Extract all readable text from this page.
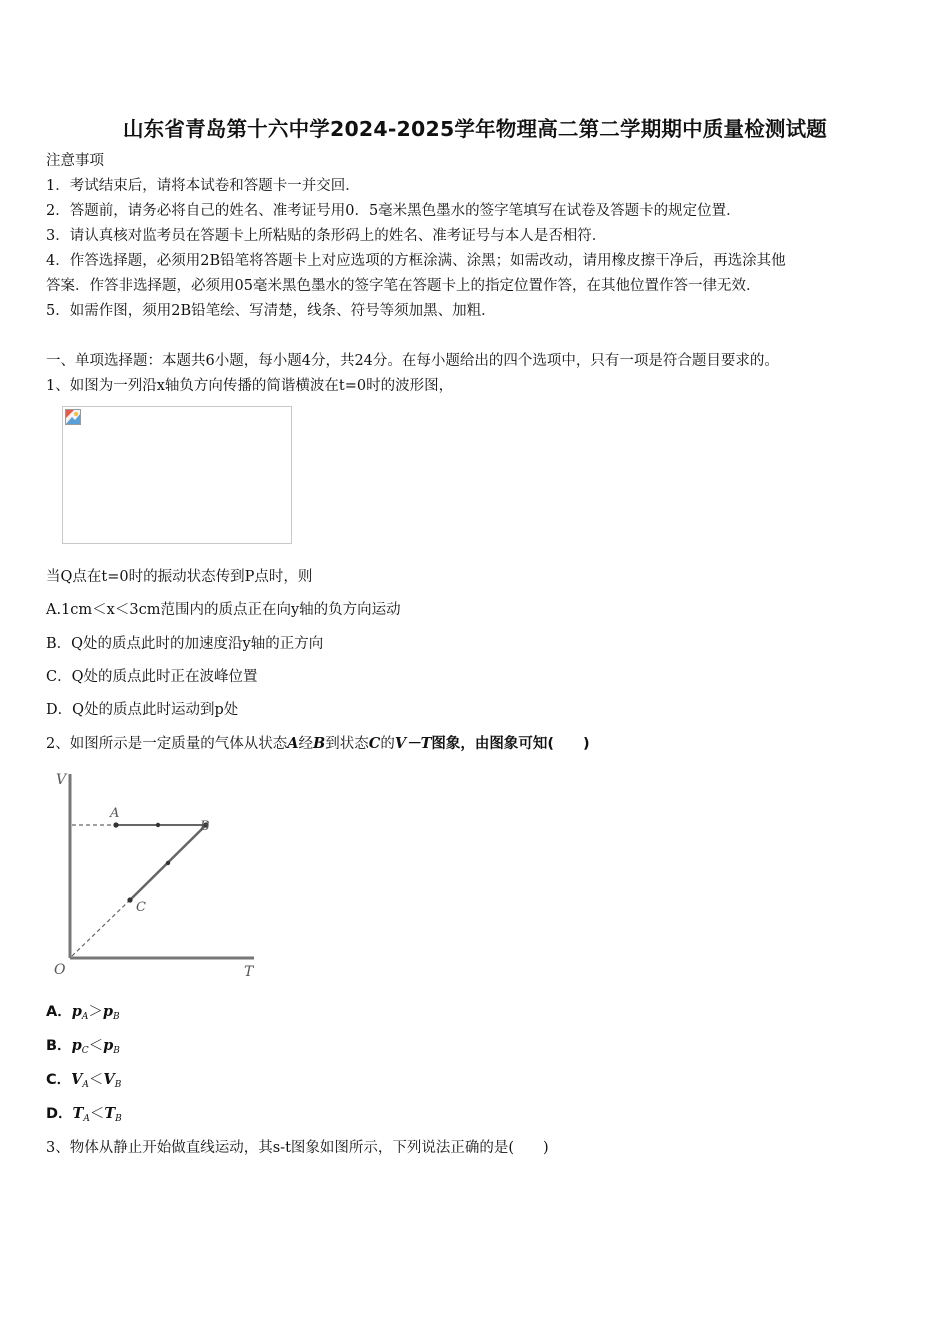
山东省青岛第十六中学2024-2025学年物理高二第二学期期中质量检测试题
注意事项
1．考试结束后，请将本试卷和答题卡一并交回．
2．答题前，请务必将自己的姓名、准考证号用0．5毫米黑色墨水的签字笔填写在试卷及答题卡的规定位置．
3．请认真核对监考员在答题卡上所粘贴的条形码上的姓名、准考证号与本人是否相符．
4．作答选择题，必须用2B铅笔将答题卡上对应选项的方框涂满、涂黑；如需改动，请用橡皮擦干净后，再选涂其他
答案．作答非选择题，必须用05毫米黑色墨水的签字笔在答题卡上的指定位置作答，在其他位置作答一律无效．
5．如需作图，须用2B铅笔绘、写清楚，线条、符号等须加黑、加粗．
一、单项选择题：本题共6小题，每小题4分，共24分。在每小题给出的四个选项中，只有一项是符合题目要求的。
1、如图为一列沿x轴负方向传播的简谐横波在t=0时的波形图，
当Q点在t=0时的振动状态传到P点时，则
A.1cm＜x＜3cm范围内的质点正在向y轴的负方向运动
B．Q处的质点此时的加速度沿y轴的正方向
C．Q处的质点此时正在波峰位置
D．Q处的质点此时运动到p处
2、如图所示是一定质量的气体从状态A经B到状态C的V－T图象，由图象可知(　　)
V
T
O
A
B
C
A．$p_A>p_B$
B．$p_C<p_B$
C．$V_A<V_B$
D．$T_A<T_B$
3、物体从静止开始做直线运动，其s-t图象如图所示，下列说法正确的是(　　)
